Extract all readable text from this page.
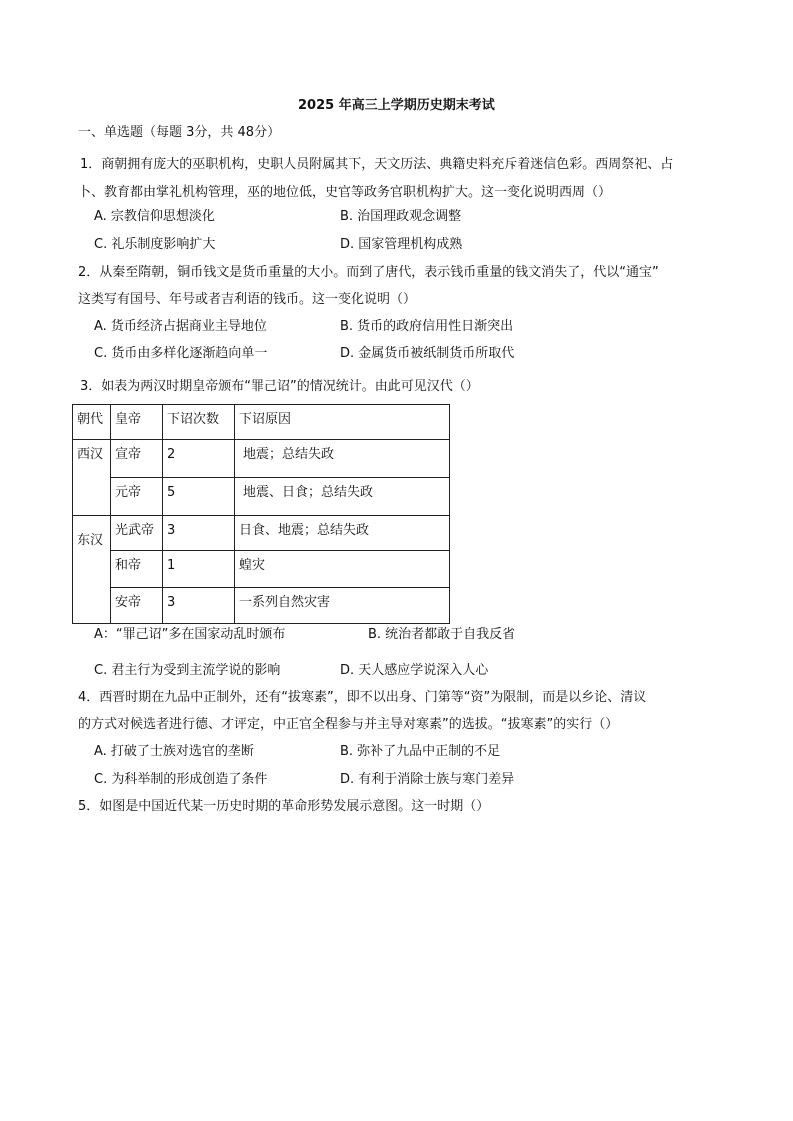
2025 年高三上学期历史期末考试
一、单选题（每题 3分，共 48分）
1．商朝拥有庞大的巫职机构，史职人员附属其下，天文历法、典籍史料充斥着迷信色彩。西周祭祀、占
卜、教育都由掌礼机构管理，巫的地位低，史官等政务官职机构扩大。这一变化说明西周（）
A. 宗教信仰思想淡化	B. 治国理政观念调整
C. 礼乐制度影响扩大	D. 国家管理机构成熟
2．从秦至隋朝，铜币钱文是货币重量的大小。而到了唐代，表示钱币重量的钱文消失了，代以“通宝”
这类写有国号、年号或者吉利语的钱币。这一变化说明（）
A. 货币经济占据商业主导地位	B. 货币的政府信用性日渐突出
C. 货币由多样化逐渐趋向单一	D. 金属货币被纸制货币所取代
3．如表为两汉时期皇帝颁布“罪己诏”的情况统计。由此可见汉代（）
朝代	皇帝	下诏次数	下诏原因
西汉	宣帝	2	地震；总结失政
	元帝	5	地震、日食；总结失政
东汉	光武帝	3	日食、地震；总结失政
	和帝	1	蝗灾
	安帝	3	一系列自然灾害
A：“罪己诏”多在国家动乱时颁布	B. 统治者都敢于自我反省
C. 君主行为受到主流学说的影响	D. 天人感应学说深入人心
4．西晋时期在九品中正制外，还有“拔寒素”，即不以出身、门第等“资”为限制，而是以乡论、清议
的方式对候选者进行德、才评定，中正官全程参与并主导对寒素”的选拔。“拔寒素”的实行（）
A. 打破了士族对选官的垄断	B. 弥补了九品中正制的不足
C. 为科举制的形成创造了条件	D. 有利于消除士族与寒门差异
5．如图是中国近代某一历史时期的革命形势发展示意图。这一时期（）
